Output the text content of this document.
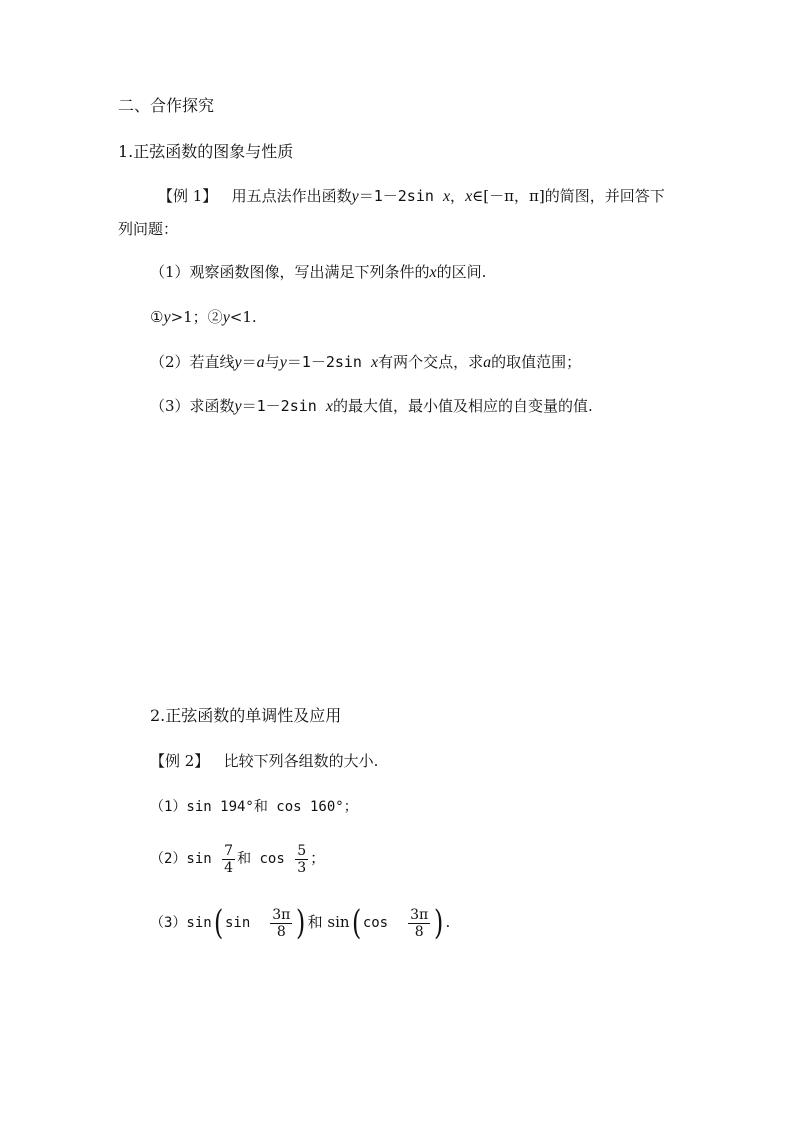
二、合作探究
1.正弦函数的图象与性质
【例 1】 用五点法作出函数y＝1－2sin x，x∈[－π，π]的简图，并回答下列问题：
（1）观察函数图像，写出满足下列条件的x的区间.
①y>1；②y<1.
（2）若直线y＝a与y＝1－2sin x有两个交点，求a的取值范围；
（3）求函数y＝1－2sin x的最大值，最小值及相应的自变量的值.
2.正弦函数的单调性及应用
【例 2】 比较下列各组数的大小.
（1）sin 194°和 cos 160°；
$(2)\sin \frac{7}{4}$ 和 $\cos \frac{5}{3}$ ；
（3）sin( $\sin \frac{3\pi}{8}$ ) 和 sin( $\cos \frac{3\pi}{8}$ ) .
